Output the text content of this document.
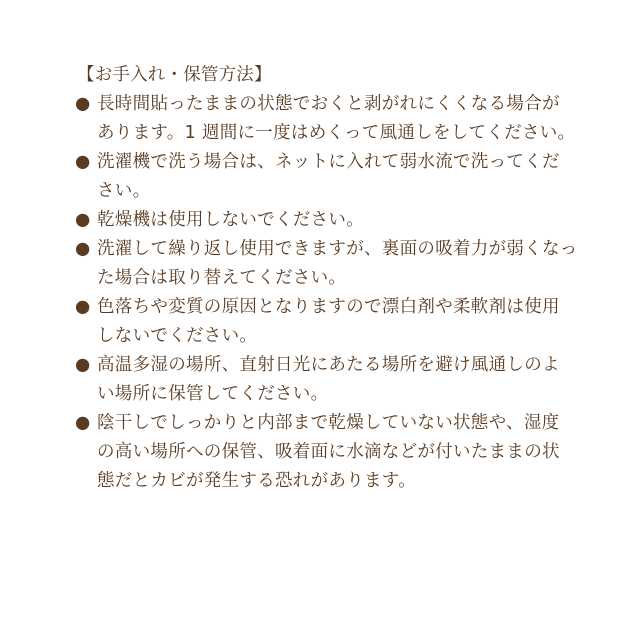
【お手入れ・保管方法】
● 長時間貼ったままの状態でおくと剥がれにくくなる場合が
あります。1 週間に一度はめくって風通しをしてください。
● 洗濯機で洗う場合は、ネットに入れて弱水流で洗ってくだ
さい。
● 乾燥機は使用しないでください。
● 洗濯して繰り返し使用できますが、裏面の吸着力が弱くなっ
た場合は取り替えてください。
● 色落ちや変質の原因となりますので漂白剤や柔軟剤は使用
しないでください。
● 高温多湿の場所、直射日光にあたる場所を避け風通しのよ
い場所に保管してください。
● 陰干しでしっかりと内部まで乾燥していない状態や、湿度
の高い場所への保管、吸着面に水滴などが付いたままの状
態だとカビが発生する恐れがあります。
